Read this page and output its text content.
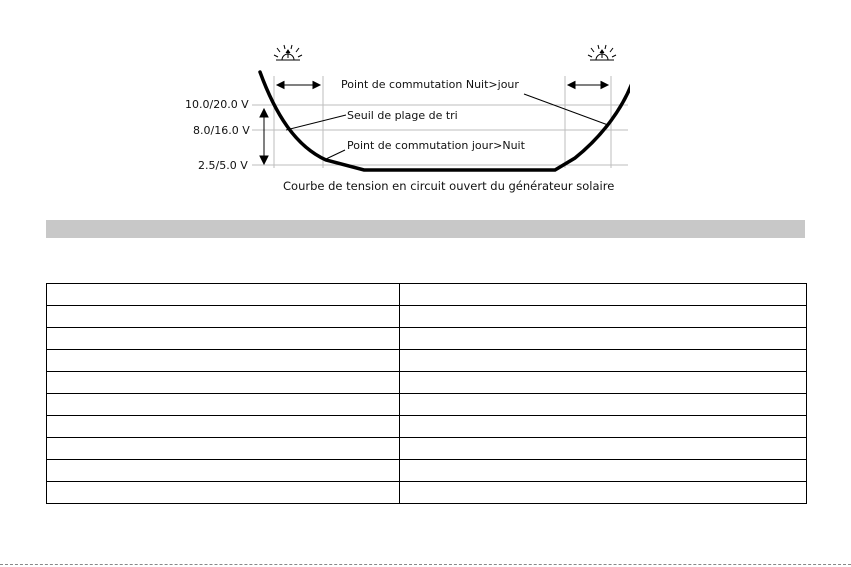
10.0/20.0 V
8.0/16.0 V
2.5/5.0 V
Point de commutation Nuit>jour
Seuil de plage de tri
Point de commutation jour>Nuit
Courbe de tension en circuit ouvert du générateur solaire
